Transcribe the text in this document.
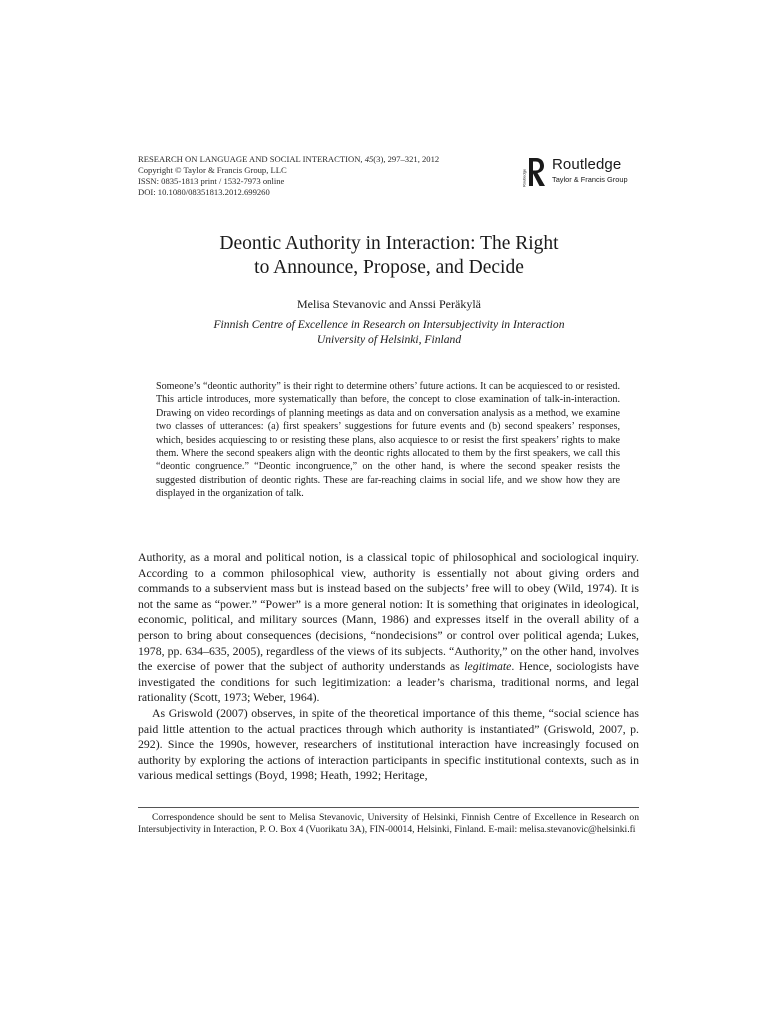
RESEARCH ON LANGUAGE AND SOCIAL INTERACTION, 45(3), 297–321, 2012
Copyright © Taylor & Francis Group, LLC
ISSN: 0835-1813 print / 1532-7973 online
DOI: 10.1080/08351813.2012.699260
Routledge
Routledge
Taylor & Francis Group
Deontic Authority in Interaction: The Right
to Announce, Propose, and Decide
Melisa Stevanovic and Anssi Peräkylä
Finnish Centre of Excellence in Research on Intersubjectivity in Interaction
University of Helsinki, Finland
Someone’s “deontic authority” is their right to determine others’ future actions. It can be acquiesced to or resisted. This article introduces, more systematically than before, the concept to close examination of talk-in-interaction. Drawing on video recordings of planning meetings as data and on conversation analysis as a method, we examine two classes of utterances: (a) first speakers’ suggestions for future events and (b) second speakers’ responses, which, besides acquiescing to or resisting these plans, also acquiesce to or resist the first speakers’ rights to make them. Where the second speakers align with the deontic rights allocated to them by the first speakers, we call this “deontic congruence.” “Deontic incongruence,” on the other hand, is where the second speaker resists the suggested distribution of deontic rights. These are far-reaching claims in social life, and we show how they are displayed in the organization of talk.

Authority, as a moral and political notion, is a classical topic of philosophical and sociological inquiry. According to a common philosophical view, authority is essentially not about giving orders and commands to a subservient mass but is instead based on the subjects’ free will to obey (Wild, 1974). It is not the same as “power.” “Power” is a more general notion: It is something that originates in ideological, economic, political, and military sources (Mann, 1986) and expresses itself in the overall ability of a person to bring about consequences (decisions, “nondecisions” or control over political agenda; Lukes, 1978, pp. 634–635, 2005), regardless of the views of its subjects. “Authority,” on the other hand, involves the exercise of power that the subject of authority understands as legitimate. Hence, sociologists have investigated the conditions for such legitimization: a leader’s charisma, traditional norms, and legal rationality (Scott, 1973; Weber, 1964).

As Griswold (2007) observes, in spite of the theoretical importance of this theme, “social science has paid little attention to the actual practices through which authority is instantiated” (Griswold, 2007, p. 292). Since the 1990s, however, researchers of institutional interaction have increasingly focused on authority by exploring the actions of interaction participants in specific institutional contexts, such as in various medical settings (Boyd, 1998; Heath, 1992; Heritage,

Correspondence should be sent to Melisa Stevanovic, University of Helsinki, Finnish Centre of Excellence in Research on Intersubjectivity in Interaction, P. O. Box 4 (Vuorikatu 3A), FIN-00014, Helsinki, Finland. E-mail: melisa.stevanovic@helsinki.fi
